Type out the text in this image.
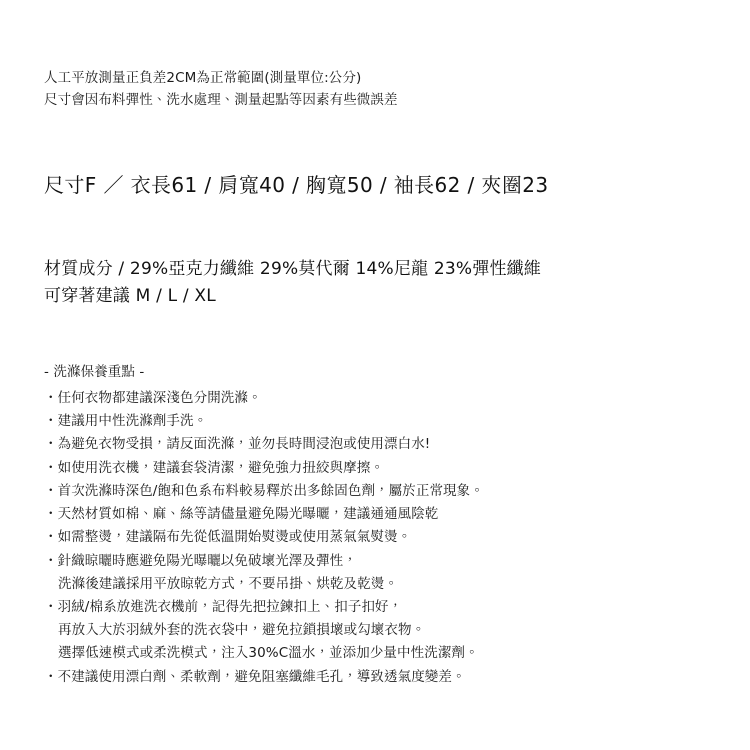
人工平放測量正負差2CM為正常範圍(測量單位:公分)
尺寸會因布料彈性、洗水處理、測量起點等因素有些微誤差
尺寸F ／ 衣長61 / 肩寬40 / 胸寬50 / 袖長62 / 夾圈23
材質成分 / 29%亞克力纖維 29%莫代爾 14%尼龍 23%彈性纖維
可穿著建議 M / L / XL
- 洗滌保養重點 -
・任何衣物都建議深淺色分開洗滌。
・建議用中性洗滌劑手洗。
・為避免衣物受損，請反面洗滌，並勿長時間浸泡或使用漂白水!
・如使用洗衣機，建議套袋清潔，避免強力扭絞與摩擦。
・首次洗滌時深色/飽和色系布料較易釋於出多餘固色劑，屬於正常現象。
・天然材質如棉、麻、絲等請儘量避免陽光曝曬，建議通通風陰乾
・如需整燙，建議隔布先從低溫開始熨燙或使用蒸氣氣熨燙。
・針織晾曬時應避免陽光曝曬以免破壞光澤及彈性，
洗滌後建議採用平放晾乾方式，不要吊掛、烘乾及乾燙。
・羽絨/棉系放進洗衣機前，記得先把拉鍊扣上、扣子扣好，
再放入大於羽絨外套的洗衣袋中，避免拉鎖損壞或勾壞衣物。
選擇低速模式或柔洗模式，注入30%C溫水，並添加少量中性洗潔劑。
・不建議使用漂白劑、柔軟劑，避免阻塞纖維毛孔，導致透氣度變差。
